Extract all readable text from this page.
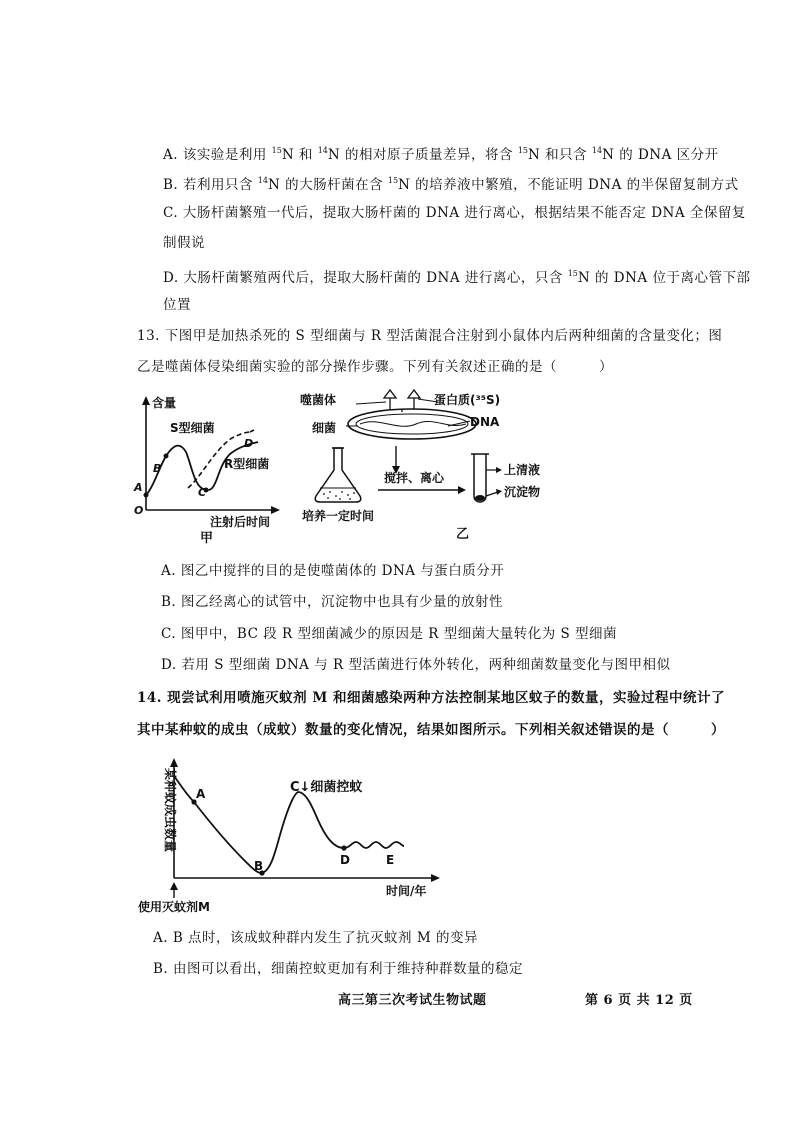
A. 该实验是利用 $^{15}$N 和 $^{14}$N 的相对原子质量差异，将含 $^{15}$N 和只含 $^{14}$N 的 DNA 区分开
B. 若利用只含 $^{14}$N 的大肠杆菌在含 $^{15}$N 的培养液中繁殖，不能证明 DNA 的半保留复制方式
C. 大肠杆菌繁殖一代后，提取大肠杆菌的 DNA 进行离心，根据结果不能否定 DNA 全保留复
制假说
D. 大肠杆菌繁殖两代后，提取大肠杆菌的 DNA 进行离心，只含 $^{15}$N 的 DNA 位于离心管下部
位置
13. 下图甲是加热杀死的 S 型细菌与 R 型活菌混合注射到小鼠体内后两种细菌的含量变化；图
乙是噬菌体侵染细菌实验的部分操作步骤。下列有关叙述正确的是（　　　）
含量
S型细菌
R型细菌
A
B
C
D
O
注射后时间
甲
噬菌体	蛋白质(³⁵S)
DNA
细菌
培养一定时间
搅拌、离心
上清液
沉淀物
乙
A. 图乙中搅拌的目的是使噬菌体的 DNA 与蛋白质分开
B. 图乙经离心的试管中，沉淀物中也具有少量的放射性
C. 图甲中，BC 段 R 型细菌减少的原因是 R 型细菌大量转化为 S 型细菌
D. 若用 S 型细菌 DNA 与 R 型活菌进行体外转化，两种细菌数量变化与图甲相似
14. 现尝试利用喷施灭蚊剂 M 和细菌感染两种方法控制某地区蚊子的数量，实验过程中统计了
其中某种蚊的成虫（成蚊）数量的变化情况，结果如图所示。下列相关叙述错误的是（　　　）
某种蚊成虫数量 A
B
C↓细菌控蚊
D	E
时间/年
使用灭蚊剂M
A. B 点时，该成蚊种群内发生了抗灭蚊剂 M 的变异
B. 由图可以看出，细菌控蚊更加有利于维持种群数量的稳定
高三第三次考试生物试题	第 6 页 共 12 页
